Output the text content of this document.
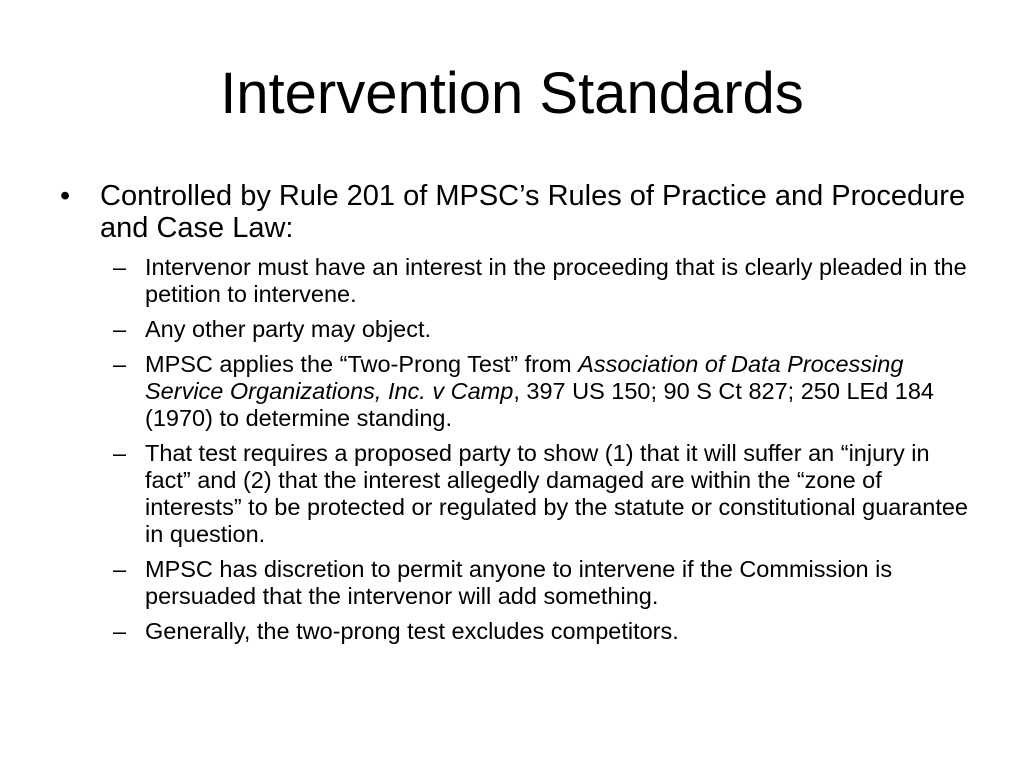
Intervention Standards
• Controlled by Rule 201 of MPSC’s Rules of Practice and Procedure and Case Law:
– Intervenor must have an interest in the proceeding that is clearly pleaded in the petition to intervene.
– Any other party may object.
– MPSC applies the “Two-Prong Test” from Association of Data Processing Service Organizations, Inc. v Camp, 397 US 150; 90 S Ct 827; 250 LEd 184 (1970) to determine standing.
– That test requires a proposed party to show (1) that it will suffer an “injury in fact” and (2) that the interest allegedly damaged are within the “zone of interests” to be protected or regulated by the statute or constitutional guarantee in question.
– MPSC has discretion to permit anyone to intervene if the Commission is persuaded that the intervenor will add something.
– Generally, the two-prong test excludes competitors.
